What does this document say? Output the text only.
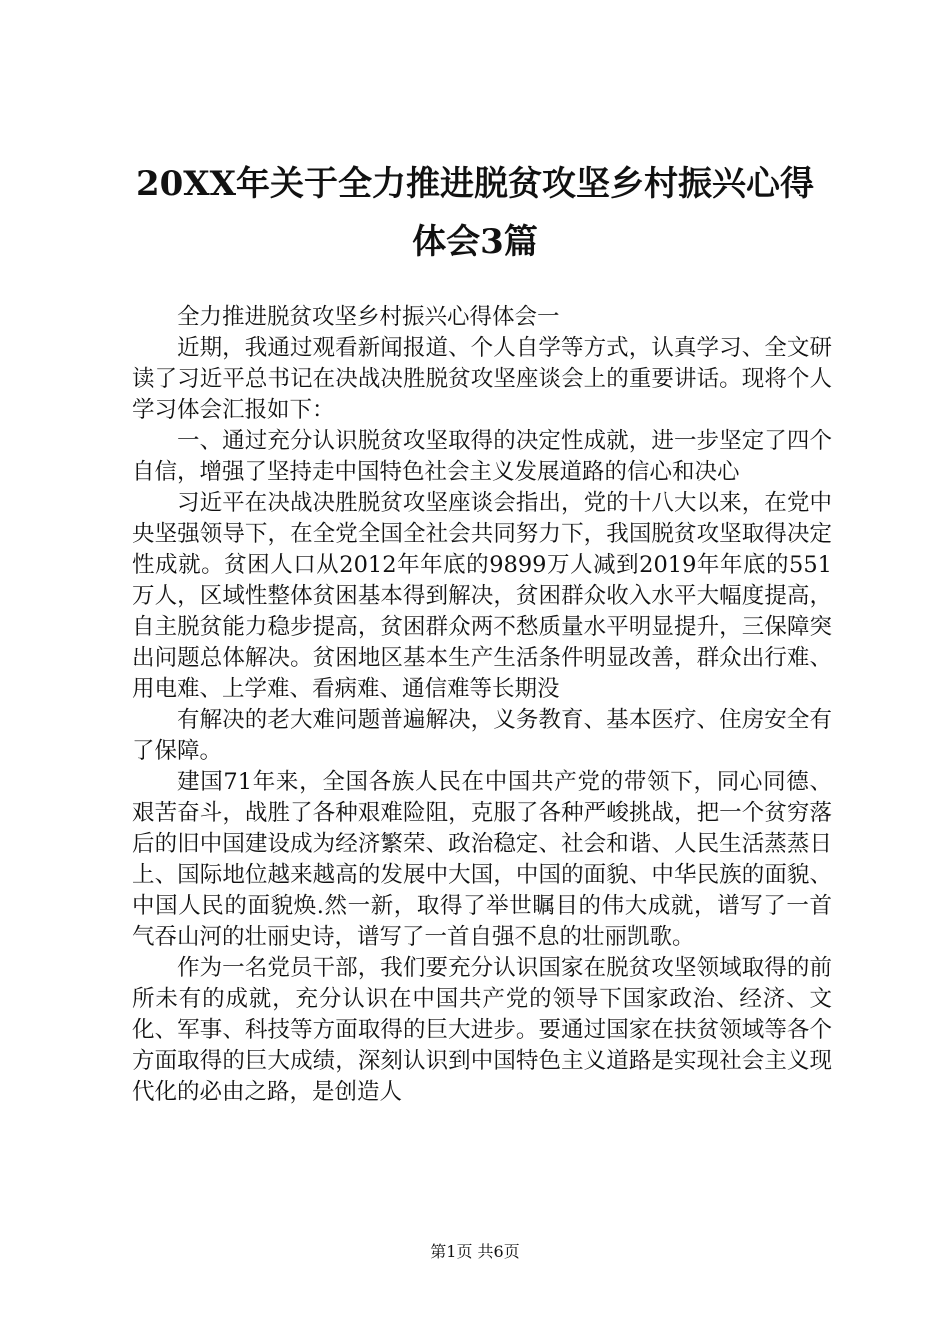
20XX年关于全力推进脱贫攻坚乡村振兴心得
体会3篇

全力推进脱贫攻坚乡村振兴心得体会一

近期，我通过观看新闻报道、个人自学等方式，认真学习、全文研读了习近平总书记在决战决胜脱贫攻坚座谈会上的重要讲话。现将个人学习体会汇报如下：

一、通过充分认识脱贫攻坚取得的决定性成就，进一步坚定了四个自信，增强了坚持走中国特色社会主义发展道路的信心和决心

习近平在决战决胜脱贫攻坚座谈会指出，党的十八大以来，在党中央坚强领导下，在全党全国全社会共同努力下，我国脱贫攻坚取得决定性成就。贫困人口从2012年年底的9899万人减到2019年年底的551万人，区域性整体贫困基本得到解决，贫困群众收入水平大幅度提高，自主脱贫能力稳步提高，贫困群众两不愁质量水平明显提升，三保障突出问题总体解决。贫困地区基本生产生活条件明显改善，群众出行难、用电难、上学难、看病难、通信难等长期没

有解决的老大难问题普遍解决，义务教育、基本医疗、住房安全有了保障。

建国71年来，全国各族人民在中国共产党的带领下，同心同德、艰苦奋斗，战胜了各种艰难险阻，克服了各种严峻挑战，把一个贫穷落后的旧中国建设成为经济繁荣、政治稳定、社会和谐、人民生活蒸蒸日上、国际地位越来越高的发展中大国，中国的面貌、中华民族的面貌、中国人民的面貌焕.然一新，取得了举世瞩目的伟大成就，谱写了一首气吞山河的壮丽史诗，谱写了一首自强不息的壮丽凯歌。

作为一名党员干部，我们要充分认识国家在脱贫攻坚领域取得的前所未有的成就，充分认识在中国共产党的领导下国家政治、经济、文化、军事、科技等方面取得的巨大进步。要通过国家在扶贫领域等各个方面取得的巨大成绩，深刻认识到中国特色主义道路是实现社会主义现代化的必由之路，是创造人

第1页 共6页
